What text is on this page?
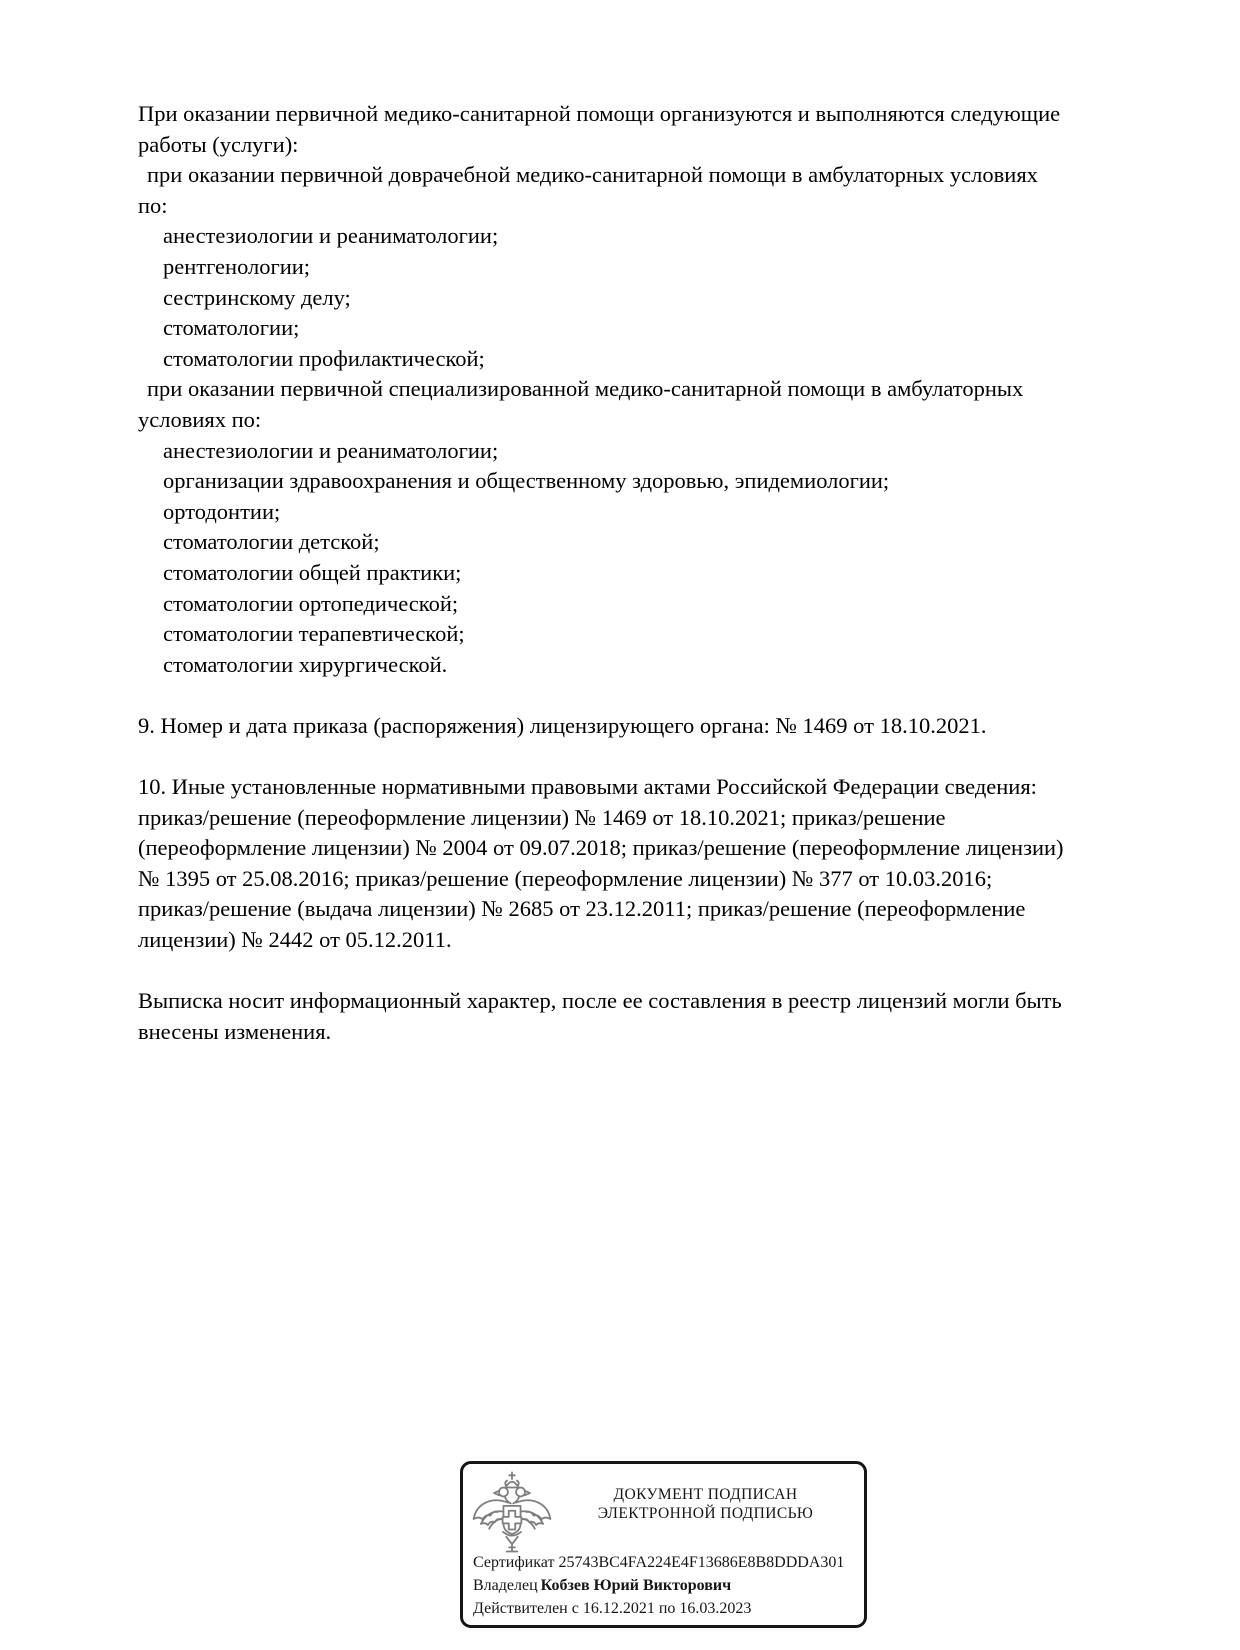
При оказании первичной медико-санитарной помощи организуются и выполняются следующие
работы (услуги):
при оказании первичной доврачебной медико-санитарной помощи в амбулаторных условиях
по:
анестезиологии и реаниматологии;
рентгенологии;
сестринскому делу;
стоматологии;
стоматологии профилактической;
при оказании первичной специализированной медико-санитарной помощи в амбулаторных
условиях по:
анестезиологии и реаниматологии;
организации здравоохранения и общественному здоровью, эпидемиологии;
ортодонтии;
стоматологии детской;
стоматологии общей практики;
стоматологии ортопедической;
стоматологии терапевтической;
стоматологии хирургической.
9. Номер и дата приказа (распоряжения) лицензирующего органа: № 1469 от 18.10.2021.
10. Иные установленные нормативными правовыми актами Российской Федерации сведения:
приказ/решение (переоформление лицензии) № 1469 от 18.10.2021; приказ/решение
(переоформление лицензии) № 2004 от 09.07.2018; приказ/решение (переоформление лицензии)
№ 1395 от 25.08.2016; приказ/решение (переоформление лицензии) № 377 от 10.03.2016;
приказ/решение (выдача лицензии) № 2685 от 23.12.2011; приказ/решение (переоформление
лицензии) № 2442 от 05.12.2011.
Выписка носит информационный характер, после ее составления в реестр лицензий могли быть
внесены изменения.
ДОКУМЕНТ ПОДПИСАН
ЭЛЕКТРОННОЙ ПОДПИСЬЮ
Сертификат 25743BC4FA224E4F13686E8B8DDDA301
Владелец Кобзев Юрий Викторович
Действителен с 16.12.2021 по 16.03.2023
